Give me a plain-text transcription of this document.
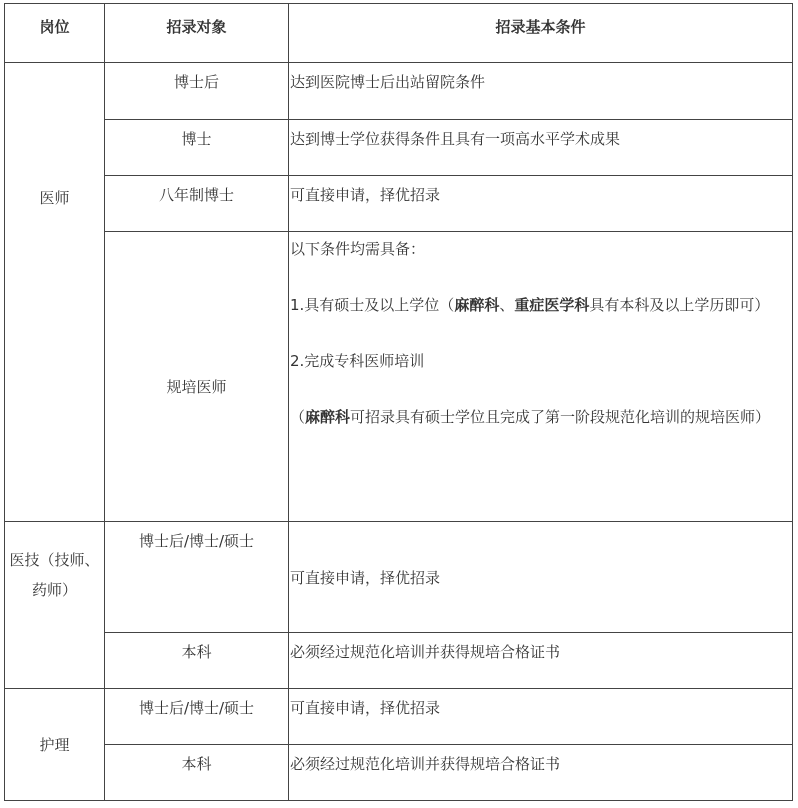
岗位	招录对象	招录基本条件

医师	博士后	达到医院博士后出站留院条件

	博士	达到博士学位获得条件且具有一项高水平学术成果

	八年制博士	可直接申请，择优招录

	规培医师	以下条件均需具备：
1.具有硕士及以上学位（麻醉科、重症医学科具有本科及以上学历即可）
2.完成专科医师培训
（麻醉科可招录具有硕士学位且完成了第一阶段规范化培训的规培医师）

医技（技师、药师）	博士后/博士/硕士	可直接申请，择优招录

	本科	必须经过规范化培训并获得规培合格证书

护理	博士后/博士/硕士	可直接申请，择优招录

	本科	必须经过规范化培训并获得规培合格证书
